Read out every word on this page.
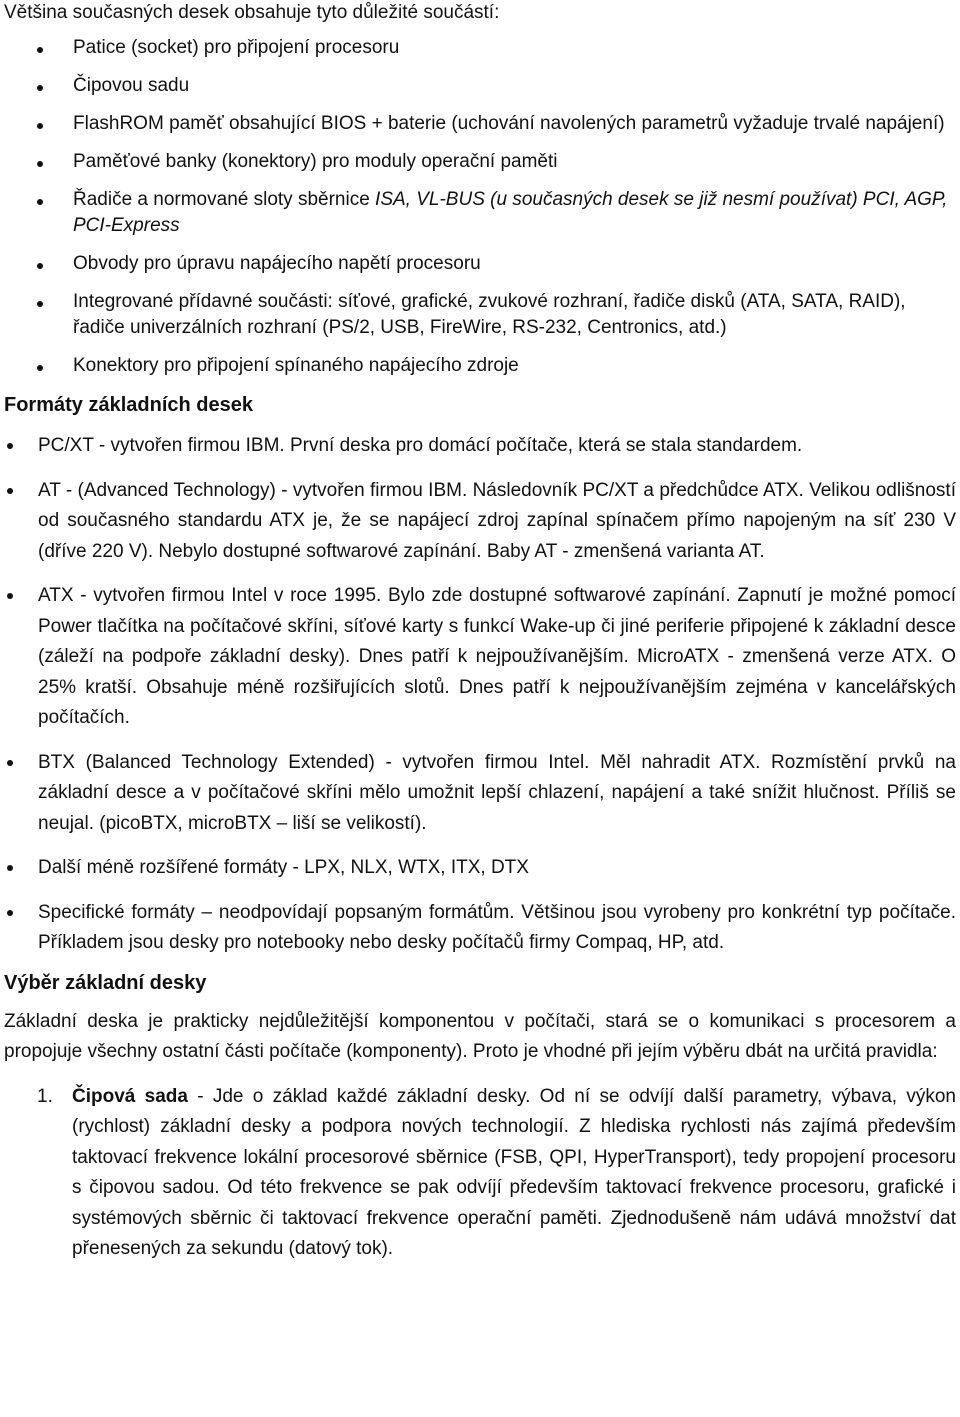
Většina současných desek obsahuje tyto důležité součástí:

Patice (socket) pro připojení procesoru
Čipovou sadu
FlashROM paměť obsahující BIOS + baterie (uchování navolených parametrů vyžaduje trvalé napájení)
Paměťové banky (konektory) pro moduly operační paměti
Řadiče a normované sloty sběrnice ISA, VL-BUS (u současných desek se již nesmí používat) PCI, AGP, PCI-Express
Obvody pro úpravu napájecího napětí procesoru
Integrované přídavné součásti: síťové, grafické, zvukové rozhraní, řadiče disků (ATA, SATA, RAID), řadiče univerzálních rozhraní (PS/2, USB, FireWire, RS-232, Centronics, atd.)
Konektory pro připojení spínaného napájecího zdroje
Formáty základních desek
PC/XT - vytvořen firmou IBM. První deska pro domácí počítače, která se stala standardem.
AT - (Advanced Technology) - vytvořen firmou IBM. Následovník PC/XT a předchůdce ATX. Velikou odlišností od současného standardu ATX je, že se napájecí zdroj zapínal spínačem přímo napojeným na síť 230 V (dříve 220 V). Nebylo dostupné softwarové zapínání. Baby AT - zmenšená varianta AT.
ATX - vytvořen firmou Intel v roce 1995. Bylo zde dostupné softwarové zapínání. Zapnutí je možné pomocí Power tlačítka na počítačové skříni, síťové karty s funkcí Wake-up či jiné periferie připojené k základní desce (záleží na podpoře základní desky). Dnes patří k nejpoužívanějším. MicroATX - zmenšená verze ATX. O 25% kratší. Obsahuje méně rozšiřujících slotů. Dnes patří k nejpoužívanějším zejména v kancelářských počítačích.
BTX (Balanced Technology Extended) - vytvořen firmou Intel. Měl nahradit ATX. Rozmístění prvků na základní desce a v počítačové skříni mělo umožnit lepší chlazení, napájení a také snížit hlučnost. Příliš se neujal. (picoBTX, microBTX – liší se velikostí).
Další méně rozšířené formáty - LPX, NLX, WTX, ITX, DTX
Specifické formáty – neodpovídají popsaným formátům. Většinou jsou vyrobeny pro konkrétní typ počítače. Příkladem jsou desky pro notebooky nebo desky počítačů firmy Compaq, HP, atd.
Výběr základní desky

Základní deska je prakticky nejdůležitější komponentou v počítači, stará se o komunikaci s procesorem a propojuje všechny ostatní části počítače (komponenty). Proto je vhodné při jejím výběru dbát na určitá pravidla:

1. Čipová sada - Jde o základ každé základní desky. Od ní se odvíjí další parametry, výbava, výkon (rychlost) základní desky a podpora nových technologií. Z hlediska rychlosti nás zajímá především taktovací frekvence lokální procesorové sběrnice (FSB, QPI, HyperTransport), tedy propojení procesoru s čipovou sadou. Od této frekvence se pak odvíjí především taktovací frekvence procesoru, grafické i systémových sběrnic či taktovací frekvence operační paměti. Zjednodušeně nám udává množství dat přenesených za sekundu (datový tok).
